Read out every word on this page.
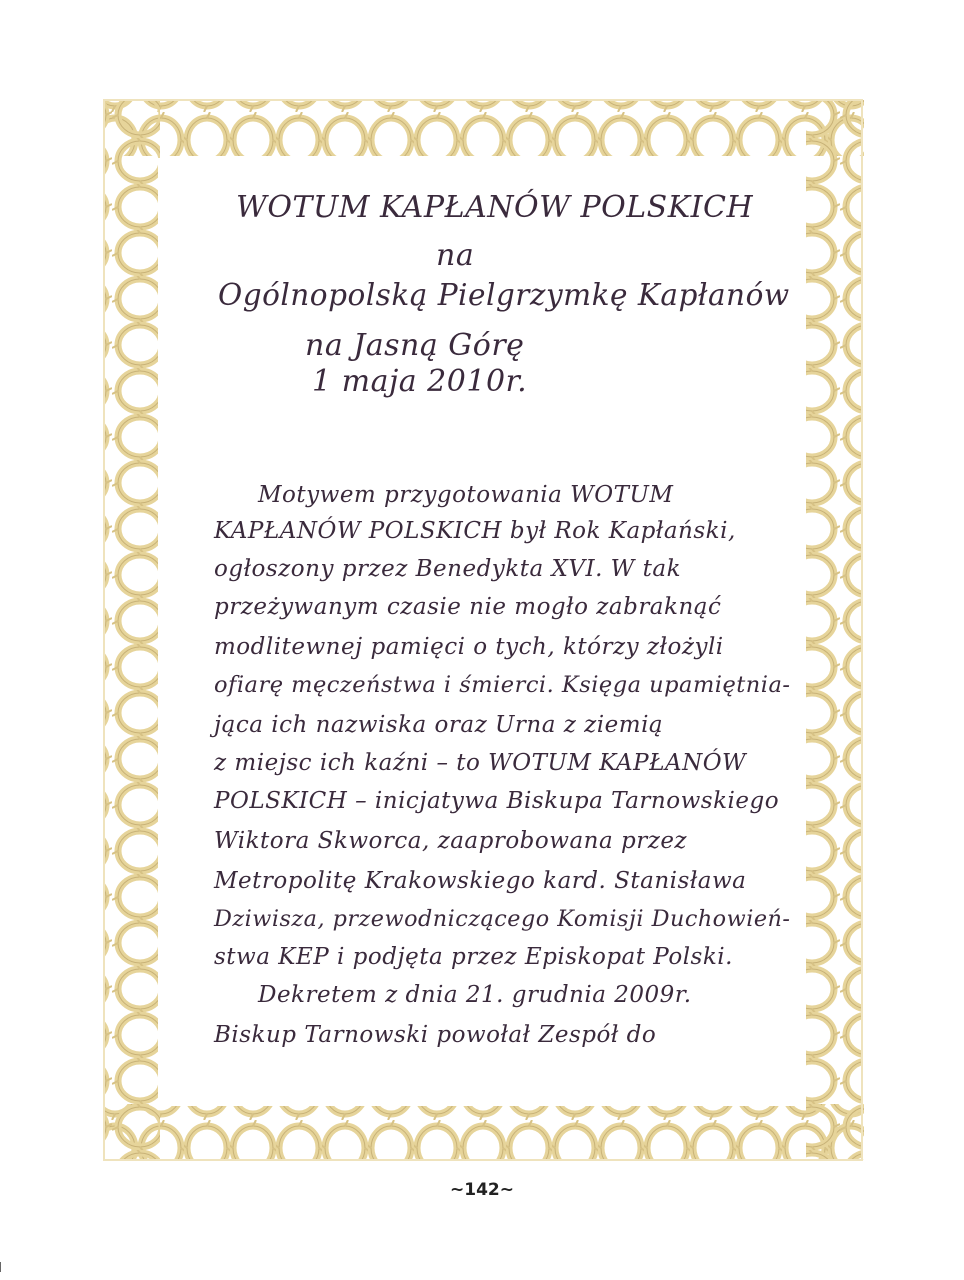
WOTUM KAPŁANÓW POLSKICH
na
Ogólnopolską Pielgrzymkę Kapłanów
na Jasną Górę
1 maja 2010r.
Motywem przygotowania WOTUM
KAPŁANÓW POLSKICH był Rok Kapłański,
ogłoszony przez Benedykta XVI. W tak
przeżywanym czasie nie mogło zabraknąć
modlitewnej pamięci o tych, którzy złożyli
ofiarę męczeństwa i śmierci. Księga upamiętnia-
jąca ich nazwiska oraz Urna z ziemią
z miejsc ich kaźni – to WOTUM KAPŁANÓW
POLSKICH – inicjatywa Biskupa Tarnowskiego
Wiktora Skworca, zaaprobowana przez
Metropolitę Krakowskiego kard. Stanisława
Dziwisza, przewodniczącego Komisji Duchowień-
stwa KEP i podjęta przez Episkopat Polski.
Dekretem z dnia 21. grudnia 2009r.
Biskup Tarnowski powołał Zespół do
~142~
